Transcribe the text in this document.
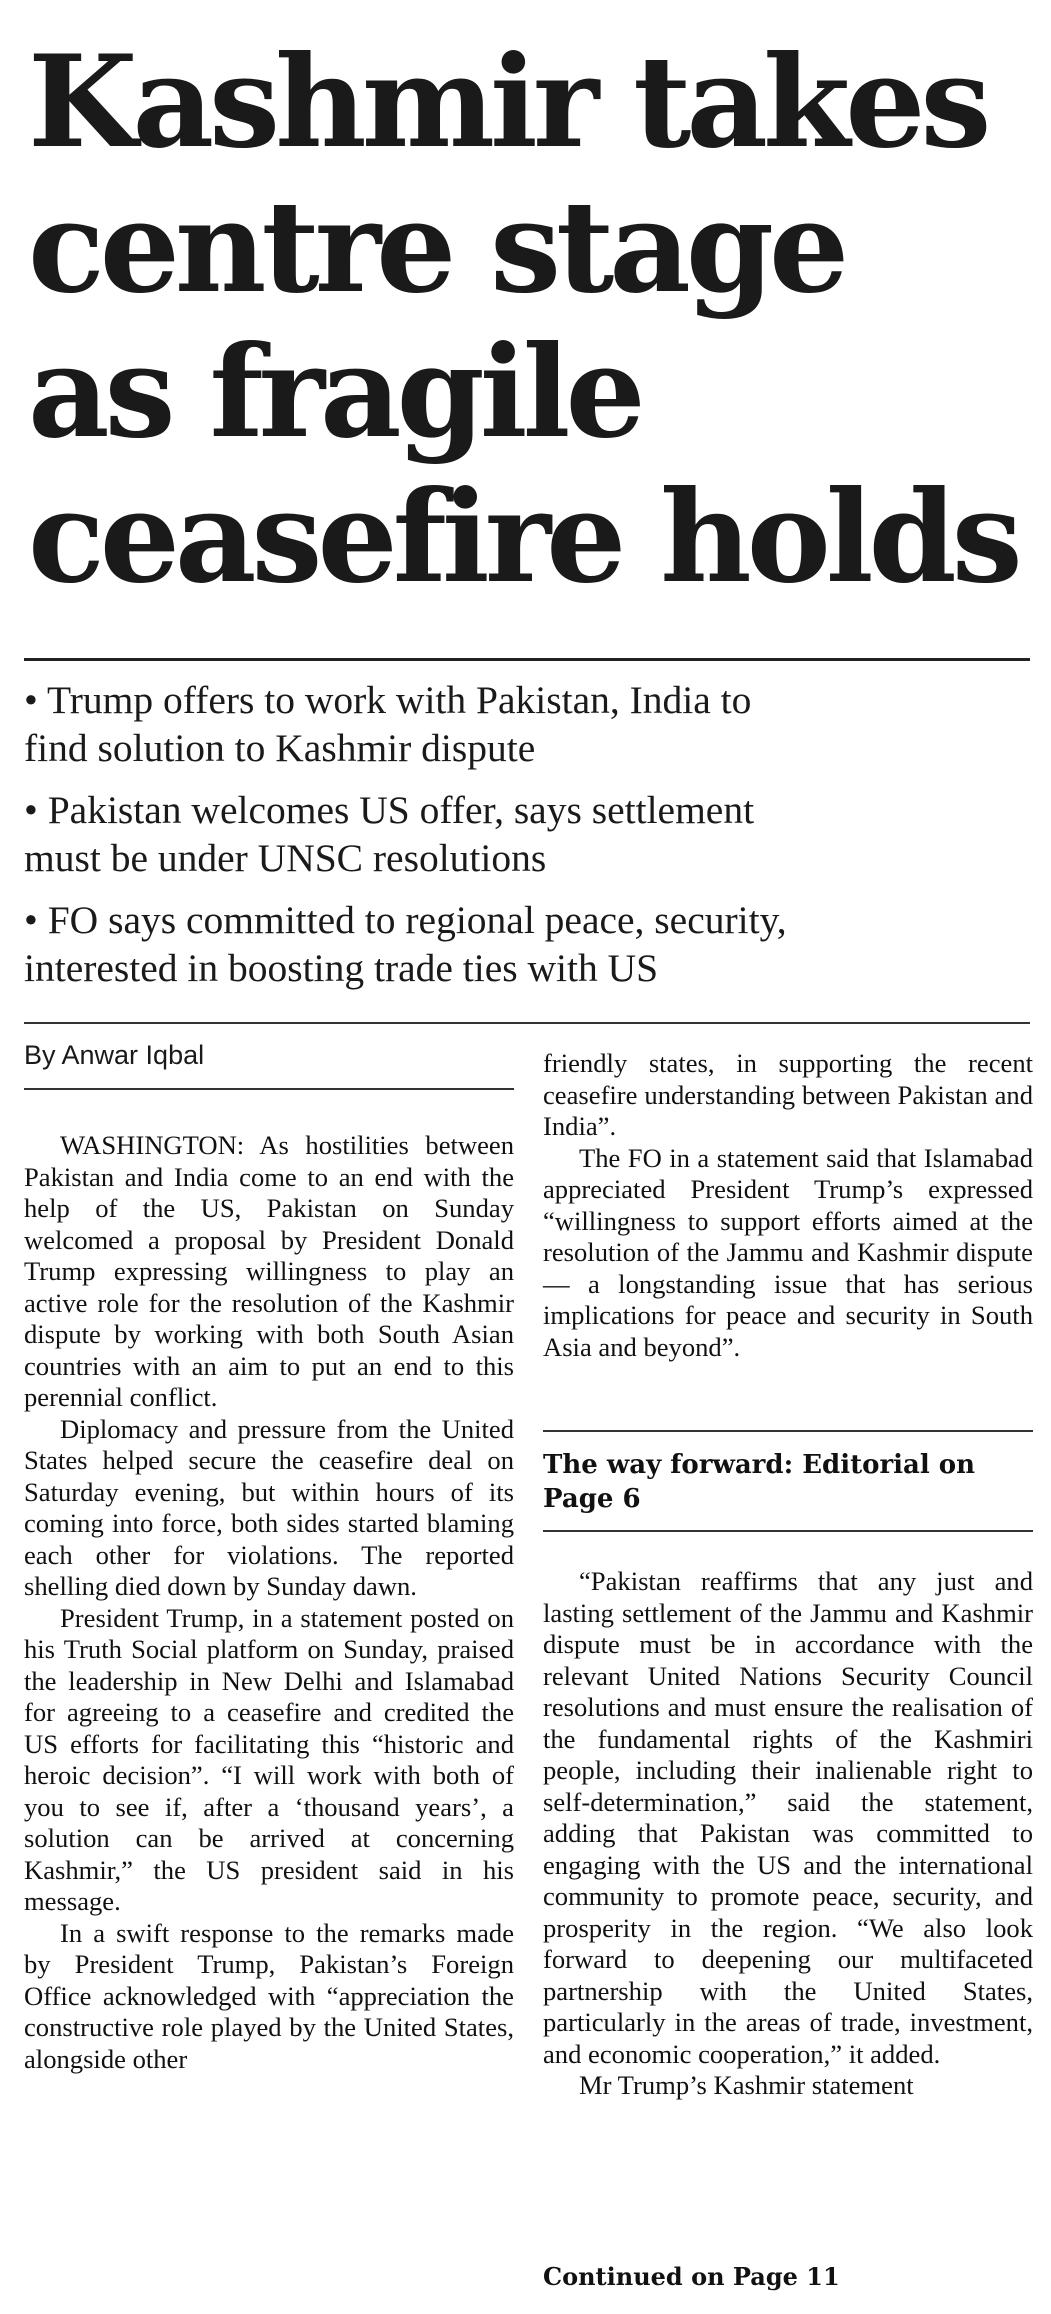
Kashmir takes
centre stage
as fragile
ceasefire holds
• Trump offers to work with Pakistan, India to
find solution to Kashmir dispute
• Pakistan welcomes US offer, says settlement
must be under UNSC resolutions
• FO says committed to regional peace, security,
interested in boosting trade ties with US
By Anwar Iqbal

WASHINGTON: As hostilities between Pakistan and India come to an end with the help of the US, Pakistan on Sunday welcomed a proposal by President Donald Trump expressing willingness to play an active role for the resolution of the Kashmir dispute by working with both South Asian countries with an aim to put an end to this perennial conflict.

Diplomacy and pressure from the United States helped secure the ceasefire deal on Saturday evening, but within hours of its coming into force, both sides started blaming each other for violations. The reported shelling died down by Sunday dawn.

President Trump, in a statement posted on his Truth Social platform on Sunday, praised the leadership in New Delhi and Islamabad for agreeing to a ceasefire and credited the US efforts for facilitating this “historic and heroic decision”. “I will work with both of you to see if, after a ‘thousand years’, a solution can be arrived at concerning Kashmir,” the US president said in his message.

In a swift response to the remarks made by President Trump, Pakistan’s Foreign Office acknowledged with “appreciation the constructive role played by the United States, alongside other

friendly states, in supporting the recent ceasefire understanding between Pakistan and India”.

The FO in a statement said that Islamabad appreciated President Trump’s expressed “willingness to support efforts aimed at the resolution of the Jammu and Kashmir dispute — a longstanding issue that has serious implications for peace and security in South Asia and beyond”.

The way forward: Editorial on Page 6

“Pakistan reaffirms that any just and lasting settlement of the Jammu and Kashmir dispute must be in accordance with the relevant United Nations Security Council resolutions and must ensure the realisation of the fundamental rights of the Kashmiri people, including their inalienable right to self-determination,” said the statement, adding that Pakistan was committed to engaging with the US and the international community to promote peace, security, and prosperity in the region. “We also look forward to deepening our multifaceted partnership with the United States, particularly in the areas of trade, investment, and economic cooperation,” it added.

Mr Trump’s Kashmir statement

Continued on Page 11
